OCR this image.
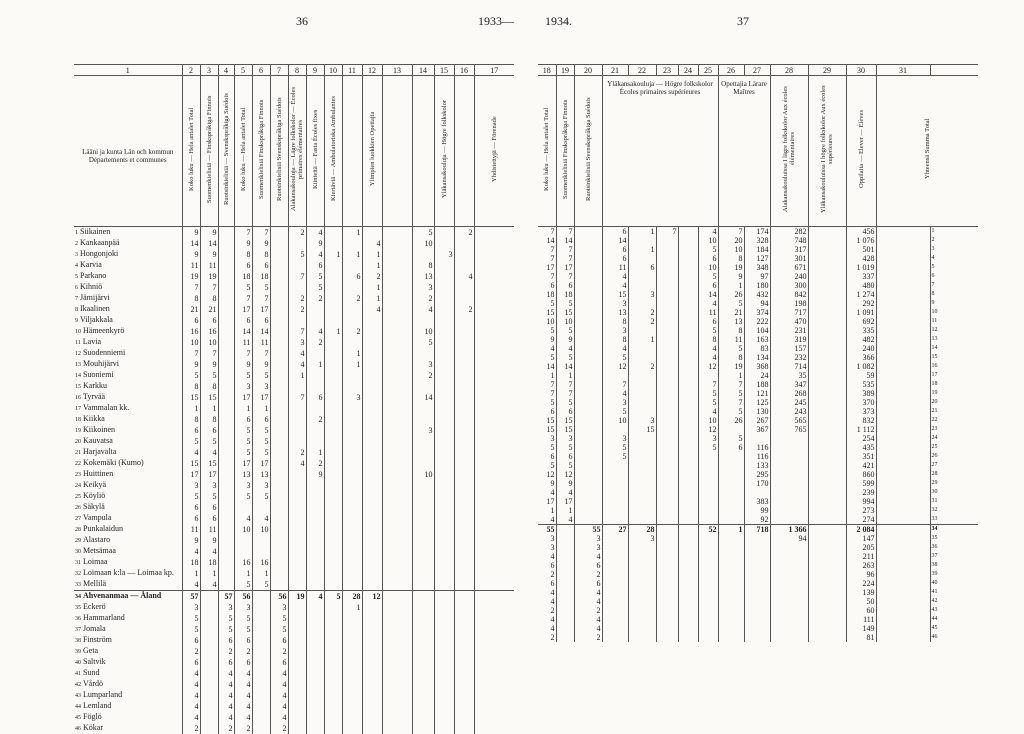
36	1933—	1934.	37
1	2	3	4	5	6	7	8	9	10	11	12	13	14	15	16	17

Lääni ja kunta Län och kommun Départements et communes	Koko luku — Hela antalet Total	Suomenkielisiä — Finskspråkiga Finnois	Ruotsinkielisiä — Svenskspråkiga Suédois	Koko luku — Hela antalet Total	Suomenkielisiä Finskspråkiga Finnois	Ruotsinkielisiä Svenskspråkiga Suédois	Alakansakouluja — Lägre folkskolor — Écoles primaires élémentaires	Kiinteitä — Fasta Écoles fixes	Kiertäviä — Ambulatoriska Ambulantes		Ylimpien luokkien Opettajia			Yläkansakouluja — Högre folkskolor		Yhdistettyjä — Förenade

1 Siikainen	9	9		7	7		2	4		1			5		2	
2 Kankaanpää	14	14		9	9			9			4		10			
3 Hongonjoki	9	9		8	8		5	4	1	1	1			3		
4 Karvia	11	11		6	6			6			1		8			
5 Parkano	19	19		18	18		7	5		6	2		13		4	
6 Kihniö	7	7		5	5			5			1		3			
7 Jämijärvi	8	8		7	7		2	2		2	1		2			
8 Ikaalinen	21	21		17	17		2				4		4		2	
9 Viljakkala	6	6		6	6											
10 Hämeenkyrö	16	16		14	14		7	4	1	2			10			
11 Lavia	10	10		11	11		3	2					5			
12 Suodenniemi	7	7		7	7		4			1						
13 Mouhijärvi	9	9		9	9		4	1		1			3			
14 Suoniemi	5	5		5	5		1						2			
15 Karkku	8	8		3	3											
16 Tyrvää	15	15		17	17		7	6		3			14			
17 Vammalan kk.	1	1		1	1											
18 Kiikka	8	8		6	6			2								
19 Kiikoinen	6	6		5	5								3			
20 Kauvatsa	5	5		5	5											
21 Harjavalta	4	4		5	5		2	1								
22 Kokemäki (Kumo)	15	15		17	17		4	2								
23 Huittinen	17	17		13	13			9					10			
24 Keikyä	3	3		3	3											
25 Köyliö	5	5		5	5											
26 Säkylä	6	6														
27 Vampula	6	6		4	4											
28 Punkalaidun	11	11		10	10											
29 Alastaro	9	9														
30 Metsämaa	4	4														
31 Loimaa	18	18		16	16											
32 Loimaan k:la — Loimaa kp.	1	1		1	1											
33 Mellilä	4	4		5	5											
34 Ahvenanmaa — Åland	57		57	56		56	19	4	5	28	12					
35 Eckerö	3		3	3		3				1						
36 Hammarland	5		5	5		5										
37 Jomala	5		5	5		5										
38 Finström	6		6	6		6										
39 Geta	2		2	2		2										
40 Saltvik	6		6	6		6										
41 Sund	4		4	4		4										
42 Vårdö	4		4	4		4										
43 Lumparland	4		4	4		4										
44 Lemland	4		4	4		4										
45 Föglö	4		4	4		4										
46 Kökar	2		2	2		2										
18	19	20	21	22	23	24	25	26	27	28	29	30	31	

Koko luku — Hela antalet Total	Suomenkielisiä Finskspråkiga Finnois	Ruotsinkielisiä Svenskspråkiga Suédois	Yläkansakouluja — Högre folkskolor Écoles primaires supérieures					Opettajia Lärare Maîtres		Alakansakouluissa I lägre folkskolor Aux écoles élémentaires	Yläkansakouluissa I högre folkskolor Aux écoles supérieures	Oppilaita — Elever — Élèves	Yhteensä Summa Total	

7	7		6	1	7		4	7	174	282		456		1
14	14		14				10	20	328	748		1 076		2
7	7		6	1			5	10	184	317		501		3
7	7		6				6	8	127	301		428		4
17	17		11	6			10	19	348	671		1 019		5
7	7		4				5	9	97	240		337		6
6	6		4				6	1	180	300		480		7
18	18		15	3			14	26	432	842		1 274		8
5	5		3				4	5	94	198		292		9
15	15		13	2			11	21	374	717		1 091		10
10	10		8	2			6	13	222	470		692		11
5	5		3				5	8	104	231		335		12
9	9		8	1			8	11	163	319		482		13
4	4		4				4	5	83	157		240		14
5	5		5				4	8	134	232		366		15
14	14		12	2			12	19	368	714		1 082		16
1	1							1	24	35		59		17
7	7		7				7	7	188	347		535		18
7	7		4				5	5	121	268		389		19
5	5		3				5	7	125	245		370		20
6	6		5				4	5	130	243		373		21
15	15		10	3			10	26	267	565		832		22
15	15			15			12		367	765		1 112		23
3	3		3				3	5				254		24
5	5		5				5	6	116			435		25
6	6		5						116			351		26
5	5								133			421		27
12	12								295			860		28
9	9								170			599		29
4	4											239		30
17	17								383			994		31
1	1								99			273		32
4	4								92			274		33
55		55	27	28			52	1	718	1 366		2 084		34
3		3		3						94		147		35
3		3										205		36
4		4										211		37
6		6										263		38
2		2										96		39
6		6										224		40
4		4										139		41
4		4										50		42
2		2										60		43
4		4										111		44
4		4										149		45
2		2										81		46
